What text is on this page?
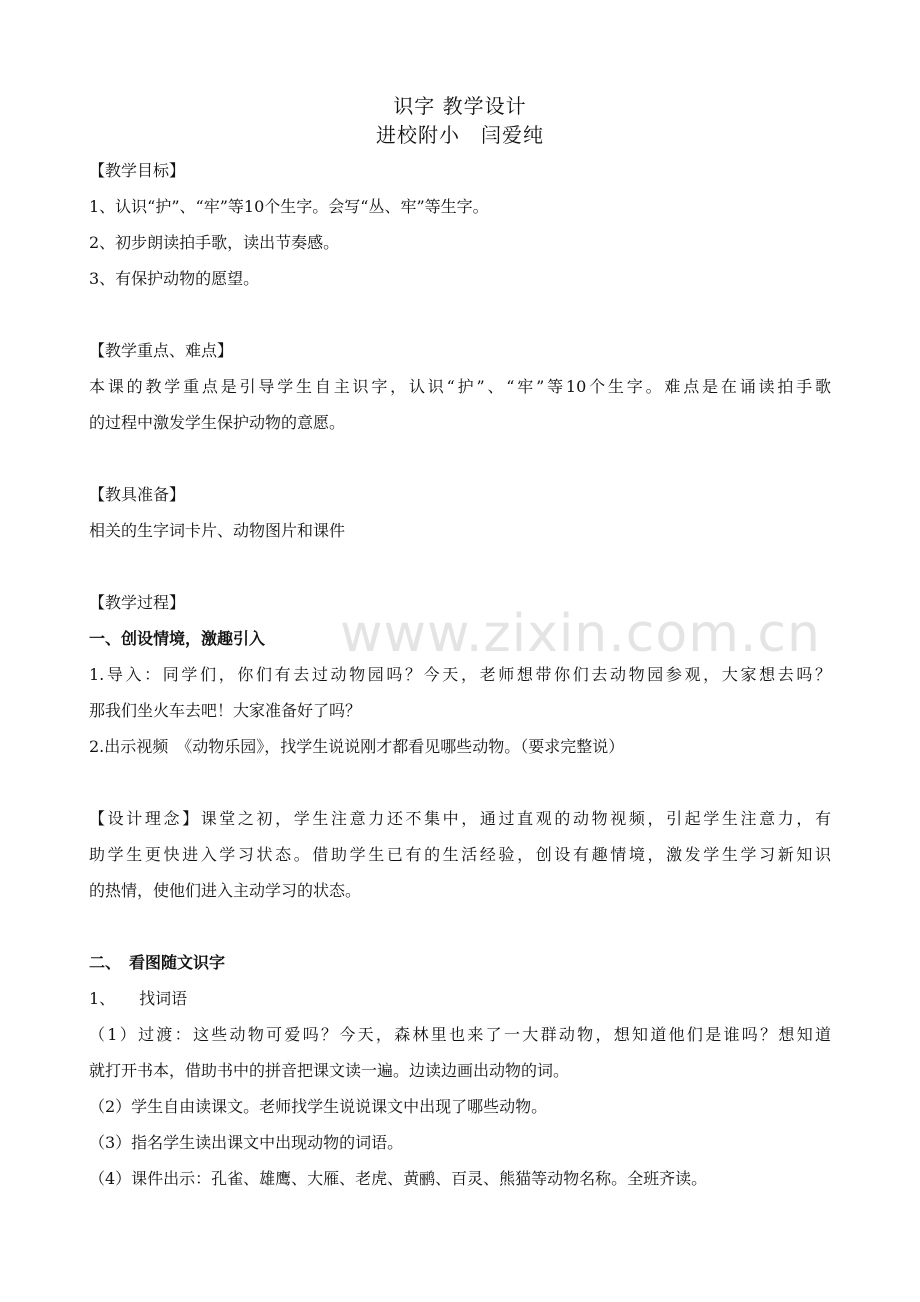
www.zixin.com.cn
识字 教学设计
进校附小　闫爱纯
【教学目标】
1、认识“护”、“牢”等10个生字。会写“丛、牢”等生字。
2、初步朗读拍手歌，读出节奏感。
3、有保护动物的愿望。
【教学重点、难点】
本课的教学重点是引导学生自主识字，认识“护”、“牢”等10个生字。难点是在诵读拍手歌
的过程中激发学生保护动物的意愿。
【教具准备】
相关的生字词卡片、动物图片和课件
【教学过程】
一、创设情境，激趣引入
1.导入：同学们，你们有去过动物园吗？今天，老师想带你们去动物园参观，大家想去吗？
那我们坐火车去吧！大家准备好了吗？
2.出示视频　《动物乐园》，找学生说说刚才都看见哪些动物。（要求完整说）
【设计理念】课堂之初，学生注意力还不集中，通过直观的动物视频，引起学生注意力，有
助学生更快进入学习状态。借助学生已有的生活经验，创设有趣情境，激发学生学习新知识
的热情，使他们进入主动学习的状态。
二、　看图随文识字
1、　　找词语
（1）过渡：这些动物可爱吗？今天，森林里也来了一大群动物，想知道他们是谁吗？想知道
就打开书本，借助书中的拼音把课文读一遍。边读边画出动物的词。
（2）学生自由读课文。老师找学生说说课文中出现了哪些动物。
（3）指名学生读出课文中出现动物的词语。
（4）课件出示：孔雀、雄鹰、大雁、老虎、黄鹂、百灵、熊猫等动物名称。全班齐读。
